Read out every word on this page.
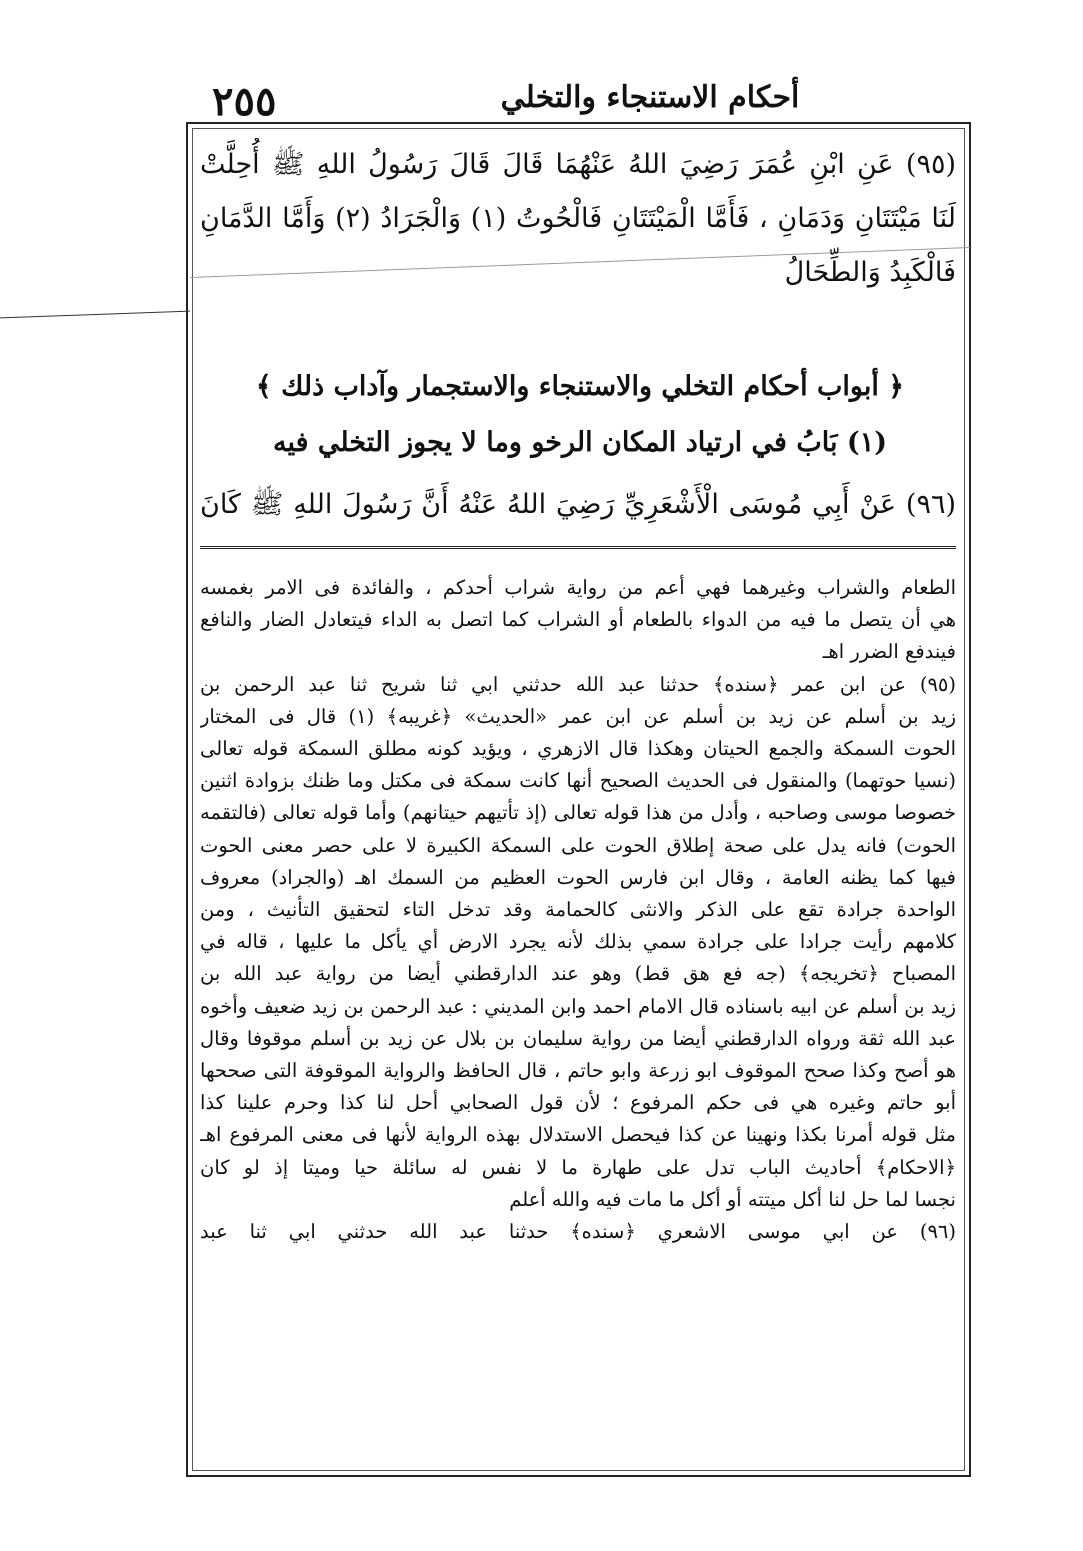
٢٥٥	أحكام الاستنجاء والتخلي
(٩٥) عَنِ ابْنِ عُمَرَ رَضِيَ اللهُ عَنْهُمَا قَالَ قَالَ رَسُولُ اللهِ ﷺ أُحِلَّتْ
لَنَا مَيْتَتَانِ وَدَمَانِ ، فَأَمَّا الْمَيْتَتَانِ فَالْحُوتُ (١) وَالْجَرَادُ (٢) وَأَمَّا الدَّمَانِ
فَالْكَبِدُ وَالطِّحَالُ
﴿ أبواب أحكام التخلي والاستنجاء والاستجمار وآداب ذلك ﴾
(١) بَابُ في ارتياد المكان الرخو وما لا يجوز التخلي فيه
(٩٦) عَنْ أَبِي مُوسَى الْأَشْعَرِيِّ رَضِيَ اللهُ عَنْهُ أَنَّ رَسُولَ اللهِ ﷺ كَانَ
الطعام والشراب وغيرهما فهي أعم من رواية شراب أحدكم ، والفائدة فى الامر بغمسه
هي أن يتصل ما فيه من الدواء بالطعام أو الشراب كما اتصل به الداء فيتعادل الضار والنافع
فيندفع الضرر اهـ
(٩٥) عن ابن عمر ﴿سنده﴾ حدثنا عبد الله حدثني ابي ثنا شريح ثنا عبد الرحمن بن
زيد بن أسلم عن زيد بن أسلم عن ابن عمر «الحديث» ﴿غريبه﴾ (١) قال فى المختار
الحوت السمكة والجمع الحيتان وهكذا قال الازهري ، ويؤيد كونه مطلق السمكة قوله تعالى
(نسيا حوتهما) والمنقول فى الحديث الصحيح أنها كانت سمكة فى مكتل وما ظنك بزوادة اثنين
خصوصا موسى وصاحبه ، وأدل من هذا قوله تعالى (إذ تأتيهم حيتانهم) وأما قوله تعالى (فالتقمه
الحوت) فانه يدل على صحة إطلاق الحوت على السمكة الكبيرة لا على حصر معنى الحوت
فيها كما يظنه العامة ، وقال ابن فارس الحوت العظيم من السمك اهـ (والجراد) معروف
الواحدة جرادة تقع على الذكر والانثى كالحمامة وقد تدخل التاء لتحقيق التأنيث ، ومن
كلامهم رأيت جرادا على جرادة سمي بذلك لأنه يجرد الارض أي يأكل ما عليها ، قاله في
المصباح ﴿تخريجه﴾ (جه فع هق قط) وهو عند الدارقطني أيضا من رواية عبد الله بن
زيد بن أسلم عن ابيه باسناده قال الامام احمد وابن المديني : عبد الرحمن بن زيد ضعيف وأخوه
عبد الله ثقة ورواه الدارقطني أيضا من رواية سليمان بن بلال عن زيد بن أسلم موقوفا وقال
هو أصح وكذا صحح الموقوف ابو زرعة وابو حاتم ، قال الحافظ والرواية الموقوفة التى صححها
أبو حاتم وغيره هي فى حكم المرفوع ؛ لأن قول الصحابي أحل لنا كذا وحرم علينا كذا
مثل قوله أمرنا بكذا ونهينا عن كذا فيحصل الاستدلال بهذه الرواية لأنها فى معنى المرفوع اهـ
﴿الاحكام﴾ أحاديث الباب تدل على طهارة ما لا نفس له سائلة حيا وميتا إذ لو كان
نجسا لما حل لنا أكل ميتته أو أكل ما مات فيه والله أعلم
(٩٦) عن ابي موسى الاشعري ﴿سنده﴾ حدثنا عبد الله حدثني ابي ثنا عبد
